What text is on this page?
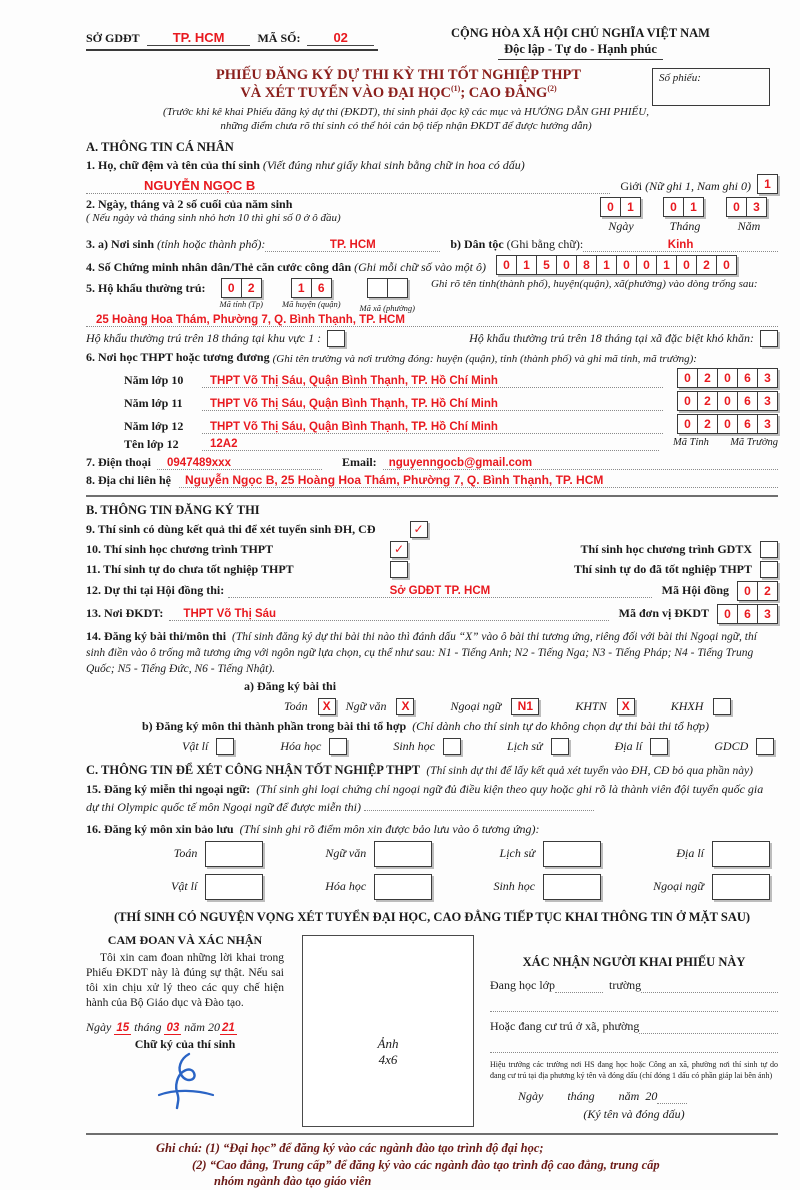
SỞ GDĐT	TP. HCM	MÃ SỐ:	02	CỘNG HÒA XÃ HỘI CHỦ NGHĨA VIỆT NAM
Độc lập - Tự do - Hạnh phúc
PHIẾU ĐĂNG KÝ DỰ THI KỲ THI TỐT NGHIỆP THPT
VÀ XÉT TUYỂN VÀO ĐẠI HỌC$^{(1)}$; CAO ĐẲNG$^{(2)}$
Số phiếu:
(Trước khi kê khai Phiếu đăng ký dự thi (ĐKDT), thí sinh phải đọc kỹ các mục và HƯỚNG DẪN GHI PHIẾU,
những điểm chưa rõ thí sinh có thể hỏi cán bộ tiếp nhận ĐKDT để được hướng dẫn)
A. THÔNG TIN CÁ NHÂN
1. Họ, chữ đệm và tên của thí sinh
(Viết đúng như giấy khai sinh bằng chữ in hoa có dấu)
NGUYỄN NGỌC B	Giới (Nữ ghi 1, Nam ghi 0)	1
2. Ngày, tháng và 2 số cuối của năm sinh
( Nếu ngày và tháng sinh nhỏ hơn 10 thì ghi số 0 ở ô đầu)
0	1	0	1	0	3
Ngày	Tháng	Năm
3. a) Nơi sinh
(tỉnh hoặc thành phố):	TP. HCM	b) Dân tộc
(Ghi bằng chữ):	Kinh
4. Số Chứng minh nhân dân/Thẻ căn cước công dân
(Ghi mỗi chữ số vào một ô)	0	1	5	0	8	1	0	0	1	0	2	0
5. Hộ khẩu thường trú:	0	2
Mã tỉnh (Tp)

1	6
Mã huyện (quận)
Mã xã (phường)
Ghi rõ tên tỉnh(thành phố), huyện(quận), xã(phường) vào dòng trống sau:
25 Hoàng Hoa Thám, Phường 7, Q. Bình Thạnh, TP. HCM
Hộ khẩu thường trú trên 18 tháng tại khu vực 1 :	Hộ khẩu thường trú trên 18 tháng tại xã đặc biệt khó khăn:
6. Nơi học THPT hoặc tương đương
(Ghi tên trường và nơi trường đóng: huyện (quận), tỉnh (thành phố) và ghi mã tỉnh, mã trường):
Năm lớp 10	THPT Võ Thị Sáu, Quận Bình Thạnh, TP. Hồ Chí Minh	0	2	0	6	3
Năm lớp 11	THPT Võ Thị Sáu, Quận Bình Thạnh, TP. Hồ Chí Minh	0	2	0	6	3
Năm lớp 12	THPT Võ Thị Sáu, Quận Bình Thạnh, TP. Hồ Chí Minh	0	2	0	6	3
Tên lớp 12	12A2	Mã Tỉnh Mã Trường
7. Điện thoại	0947489xxx	Email:	nguyenngocb@gmail.com
8. Địa chỉ liên hệ	Nguyễn Ngọc B, 25 Hoàng Hoa Thám, Phường 7, Q. Bình Thạnh, TP. HCM
B. THÔNG TIN ĐĂNG KÝ THI
9. Thí sinh có dùng kết quả thi để xét tuyển sinh ĐH, CĐ	✓
10. Thí sinh học chương trình THPT	✓	Thí sinh học chương trình GDTX
11. Thí sinh tự do chưa tốt nghiệp THPT	Thí sinh tự do đã tốt nghiệp THPT
12. Dự thi tại Hội đồng thi:	Sở GDĐT TP. HCM	Mã Hội đồng	0	2
13. Nơi ĐKDT:	THPT Võ Thị Sáu	Mã đơn vị ĐKDT	0	6	3
14. Đăng ký bài thi/môn thi (Thí sinh đăng ký dự thi bài thi nào thì đánh dấu “X” vào ô bài thi tương ứng, riêng đối với bài thi Ngoại ngữ, thí sinh điền vào ô trống mã tương ứng với ngôn ngữ lựa chọn, cụ thể như sau: N1 - Tiếng Anh; N2 - Tiếng Nga; N3 - Tiếng Pháp; N4 - Tiếng Trung Quốc; N5 - Tiếng Đức, N6 - Tiếng Nhật).
a) Đăng ký bài thi
Toán X Ngữ văn X	Ngoại ngữ N1	KHTN X	KHXH
b) Đăng ký môn thi thành phần trong bài thi tổ hợp (Chỉ dành cho thí sinh tự do không chọn dự thi bài thi tổ hợp)
Vật lí	Hóa học	Sinh học	Lịch sử	Địa lí	GDCD
C. THÔNG TIN ĐỂ XÉT CÔNG NHẬN TỐT NGHIỆP THPT (Thí sinh dự thi để lấy kết quả xét tuyển vào ĐH, CĐ bỏ qua phần này)
15. Đăng ký miễn thi ngoại ngữ: (Thí sinh ghi loại chứng chỉ ngoại ngữ đủ điều kiện theo quy hoặc ghi rõ là thành viên đội tuyển quốc gia dự thi Olympic quốc tế môn Ngoại ngữ để được miễn thi)
16. Đăng ký môn xin bảo lưu (Thí sinh ghi rõ điểm môn xin được bảo lưu vào ô tương ứng):
Toán	Ngữ văn	Lịch sử	Địa lí
Vật lí	Hóa học	Sinh học	Ngoại ngữ
(THÍ SINH CÓ NGUYỆN VỌNG XÉT TUYỂN ĐẠI HỌC, CAO ĐẲNG TIẾP TỤC KHAI THÔNG TIN Ở MẶT SAU)
CAM ĐOAN VÀ XÁC NHẬN

Tôi xin cam đoan những lời khai trong Phiếu ĐKDT này là đúng sự thật. Nếu sai tôi xin chịu xử lý theo các quy chế hiện hành của Bộ Giáo dục và Đào tạo.

Ngày 15 tháng 03 năm 20 21
Chữ ký của thí sinh	Ảnh
4x6
XÁC NHẬN NGƯỜI KHAI PHIẾU NÀY
Đang học lớp	trường
Hoặc đang cư trú ở xã, phường
Hiệu trưởng các trường nơi HS đang học hoặc Công an xã, phường nơi thí sinh tự do đang cư trú tại địa phương ký tên và đóng dấu (chỉ đóng 1 dấu có phần giáp lai bên ảnh)
Ngày        tháng        năm  20
(Ký tên và đóng dấu)
Ghi chú: (1) “Đại học” để đăng ký vào các ngành đào tạo trình độ đại học;
(2) “Cao đẳng, Trung cấp” để đăng ký vào các ngành đào tạo trình độ cao đẳng, trung cấp
nhóm ngành đào tạo giáo viên
